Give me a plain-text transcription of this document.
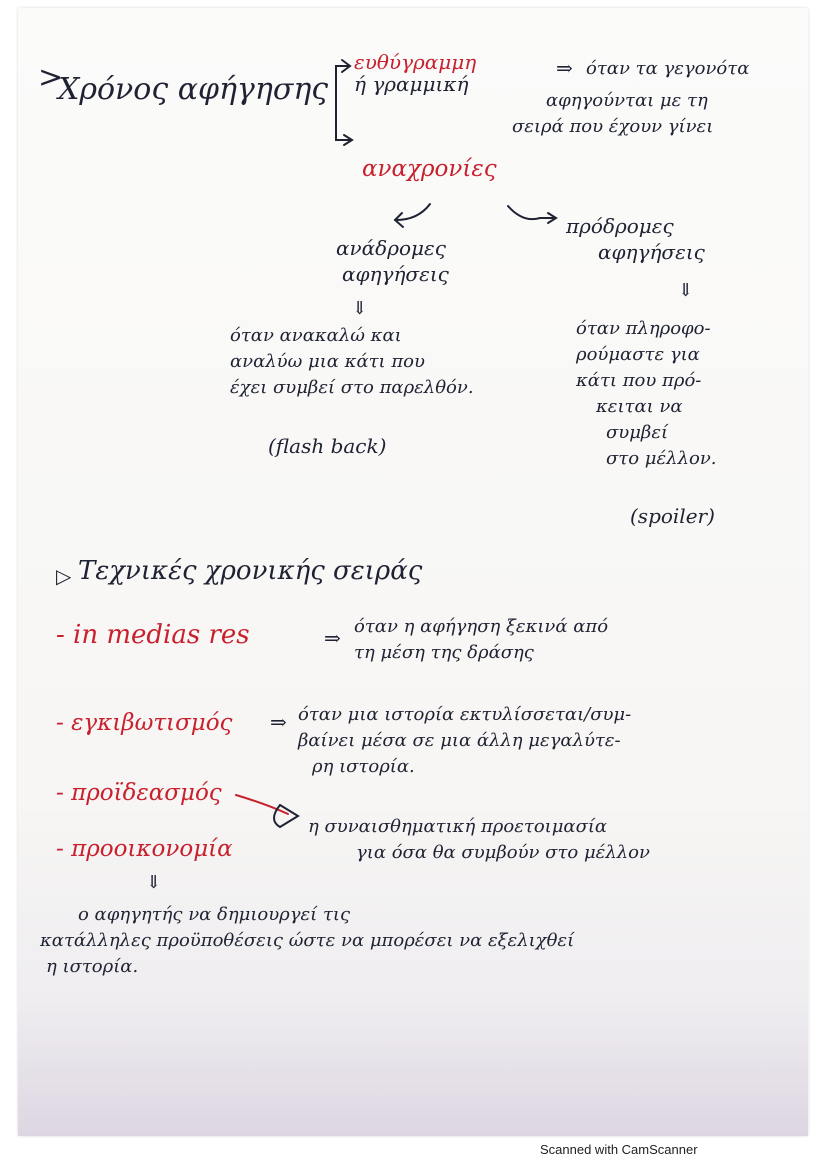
>
Χρόνος αφήγησης
ευθύγραμμη
ή γραμμική
⇒ όταν τα γεγονότα
αφηγούνται με τη
σειρά που έχουν γίνει
αναχρονίες
ανάδρομες
αφηγήσεις
⇓
όταν ανακαλώ και
αναλύω μια κάτι που
έχει συμβεί στο παρελθόν.
(flash back)
πρόδρομες
αφηγήσεις
⇓
όταν πληροφο-
ρούμαστε για
κάτι που πρό-
κειται να
συμβεί
στο μέλλον.
(spoiler)
▷ Τεχνικές χρονικής σειράς
- in medias res	⇒ όταν η αφήγηση ξεκινά από
τη μέση της δράσης
- εγκιβωτισμός ⇒ όταν μια ιστορία εκτυλίσσεται/συμ-
βαίνει μέσα σε μια άλλη μεγαλύτε-
ρη ιστορία.
- προϊδεασμός
- προοικονομία
η συναισθηματική προετοιμασία
για όσα θα συμβούν στο μέλλον
⇓
ο αφηγητής να δημιουργεί τις
κατάλληλες προϋποθέσεις ώστε να μπορέσει να εξελιχθεί
η ιστορία.
Scanned with CamScanner
